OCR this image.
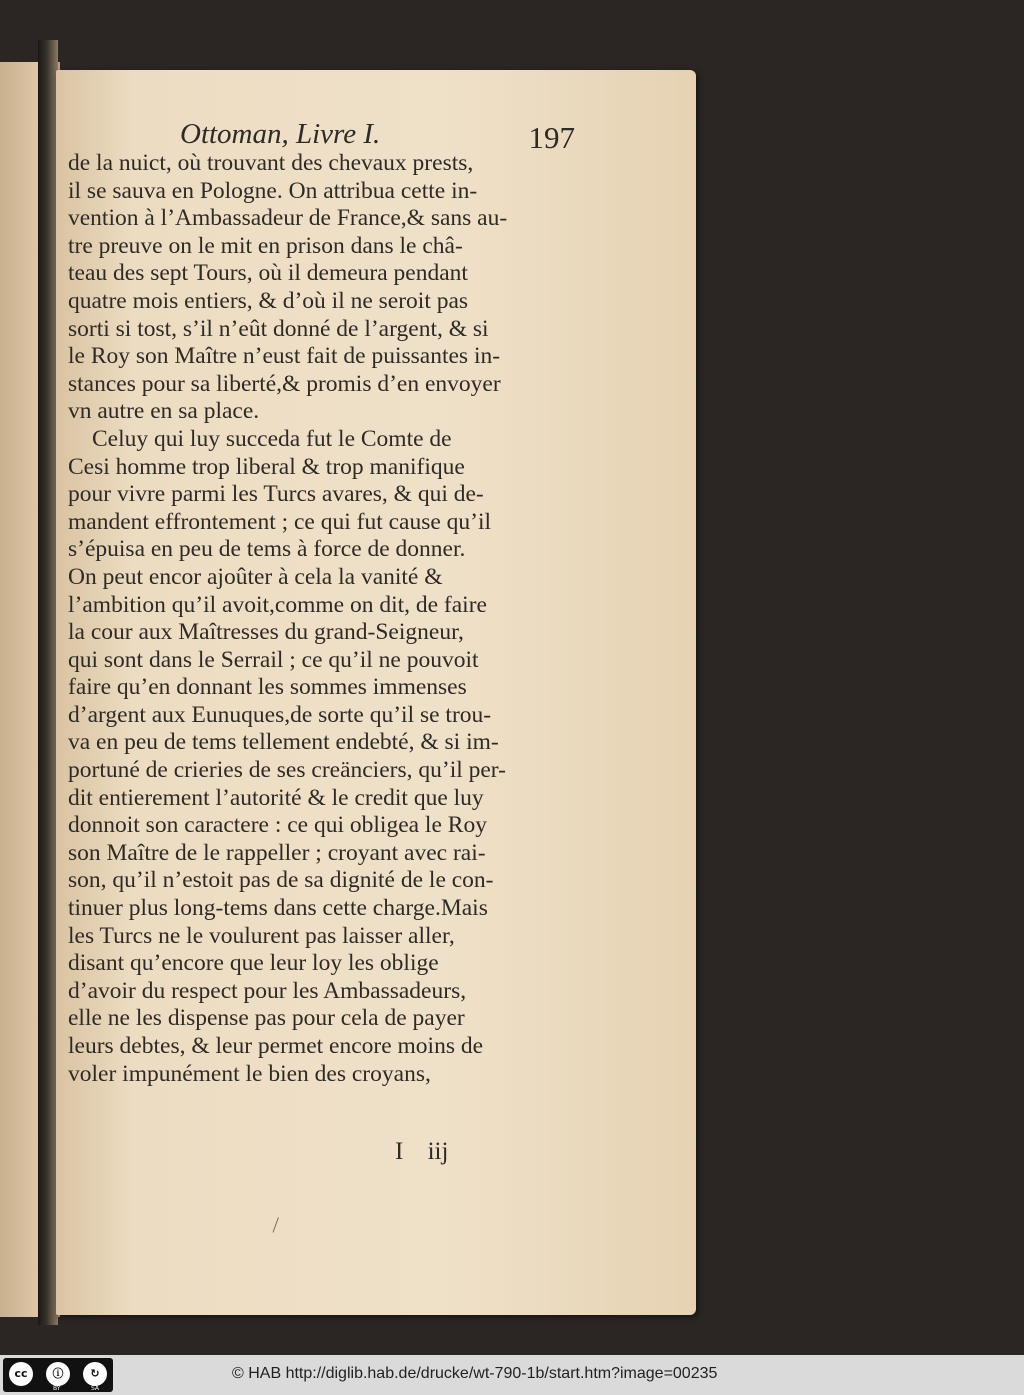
Ottoman, Livre I.	197
de la nuict, où trouvant des chevaux prests,
il se sauva en Pologne. On attribua cette in-
vention à l’Ambassadeur de France,& sans au-
tre preuve on le mit en prison dans le châ-
teau des sept Tours, où il demeura pendant
quatre mois entiers, & d’où il ne seroit pas
sorti si tost, s’il n’eût donné de l’argent, & si
le Roy son Maître n’eust fait de puissantes in-
stances pour sa liberté,& promis d’en envoyer
vn autre en sa place.
Celuy qui luy succeda fut le Comte de
Cesi homme trop liberal & trop manifique
pour vivre parmi les Turcs avares, & qui de-
mandent effrontement ; ce qui fut cause qu’il
s’épuisa en peu de tems à force de donner.
On peut encor ajoûter à cela la vanité &
l’ambition qu’il avoit,comme on dit, de faire
la cour aux Maîtresses du grand-Seigneur,
qui sont dans le Serrail ; ce qu’il ne pouvoit
faire qu’en donnant les sommes immenses
d’argent aux Eunuques,de sorte qu’il se trou-
va en peu de tems tellement endebté, & si im-
portuné de crieries de ses creänciers, qu’il per-
dit entierement l’autorité & le credit que luy
donnoit son caractere : ce qui obligea le Roy
son Maître de le rappeller ; croyant avec rai-
son, qu’il n’estoit pas de sa dignité de le con-
tinuer plus long-tems dans cette charge.Mais
les Turcs ne le voulurent pas laisser aller,
disant qu’encore que leur loy les oblige
d’avoir du respect pour les Ambassadeurs,
elle ne les dispense pas pour cela de payer
leurs debtes, & leur permet encore moins de
voler impunément le bien des croyans,
I iij
cc	ⓘ	↻
BY	SA
© HAB http://diglib.hab.de/drucke/wt-790-1b/start.htm?image=00235
